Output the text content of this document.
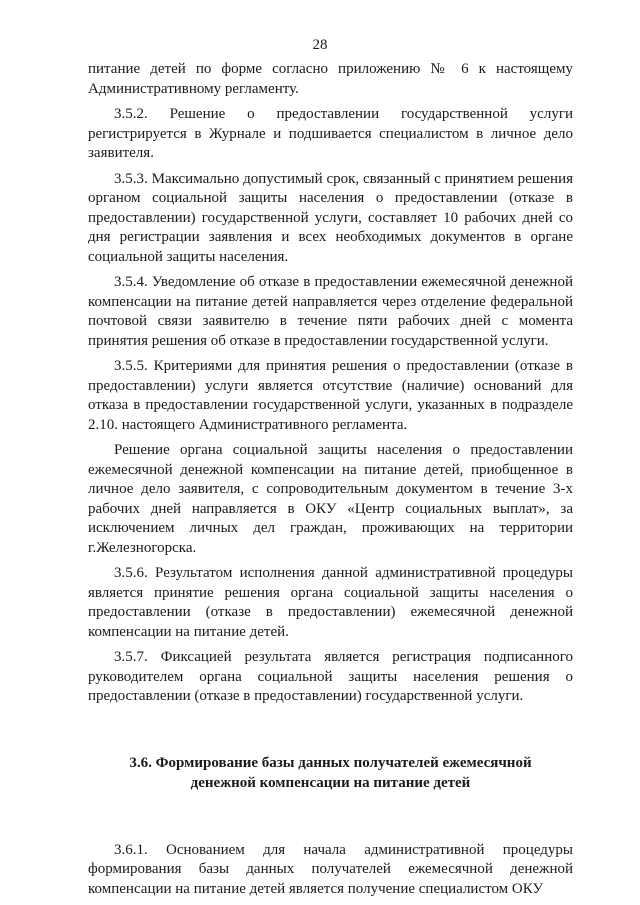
28

питание детей по форме согласно приложению № 6 к настоящему Административному регламенту.

3.5.2. Решение о предоставлении государственной услуги регистрируется в Журнале и подшивается специалистом в личное дело заявителя.

3.5.3. Максимально допустимый срок, связанный с принятием решения органом социальной защиты населения о предоставлении (отказе в предоставлении) государственной услуги, составляет 10 рабочих дней со дня регистрации заявления и всех необходимых документов в органе социальной защиты населения.

3.5.4. Уведомление об отказе в предоставлении ежемесячной денежной компенсации на питание детей направляется через отделение федеральной почтовой связи заявителю в течение пяти рабочих дней с момента принятия решения об отказе в предоставлении государственной услуги.

3.5.5. Критериями для принятия решения о предоставлении (отказе в предоставлении) услуги является отсутствие (наличие) оснований для отказа в предоставлении государственной услуги, указанных в подразделе 2.10. настоящего Административного регламента.

Решение органа социальной защиты населения о предоставлении ежемесячной денежной компенсации на питание детей, приобщенное в личное дело заявителя, с сопроводительным документом в течение 3-х рабочих дней направляется в ОКУ «Центр социальных выплат», за исключением личных дел граждан, проживающих на территории г.Железногорска.

3.5.6. Результатом исполнения данной административной процедуры является принятие решения органа социальной защиты населения о предоставлении (отказе в предоставлении) ежемесячной денежной компенсации на питание детей.

3.5.7. Фиксацией результата является регистрация подписанного руководителем органа социальной защиты населения решения о предоставлении (отказе в предоставлении) государственной услуги.

3.6. Формирование базы данных получателей ежемесячной денежной компенсации на питание детей

3.6.1. Основанием для начала административной процедуры формирования базы данных получателей ежемесячной денежной компенсации на питание детей является получение специалистом ОКУ
